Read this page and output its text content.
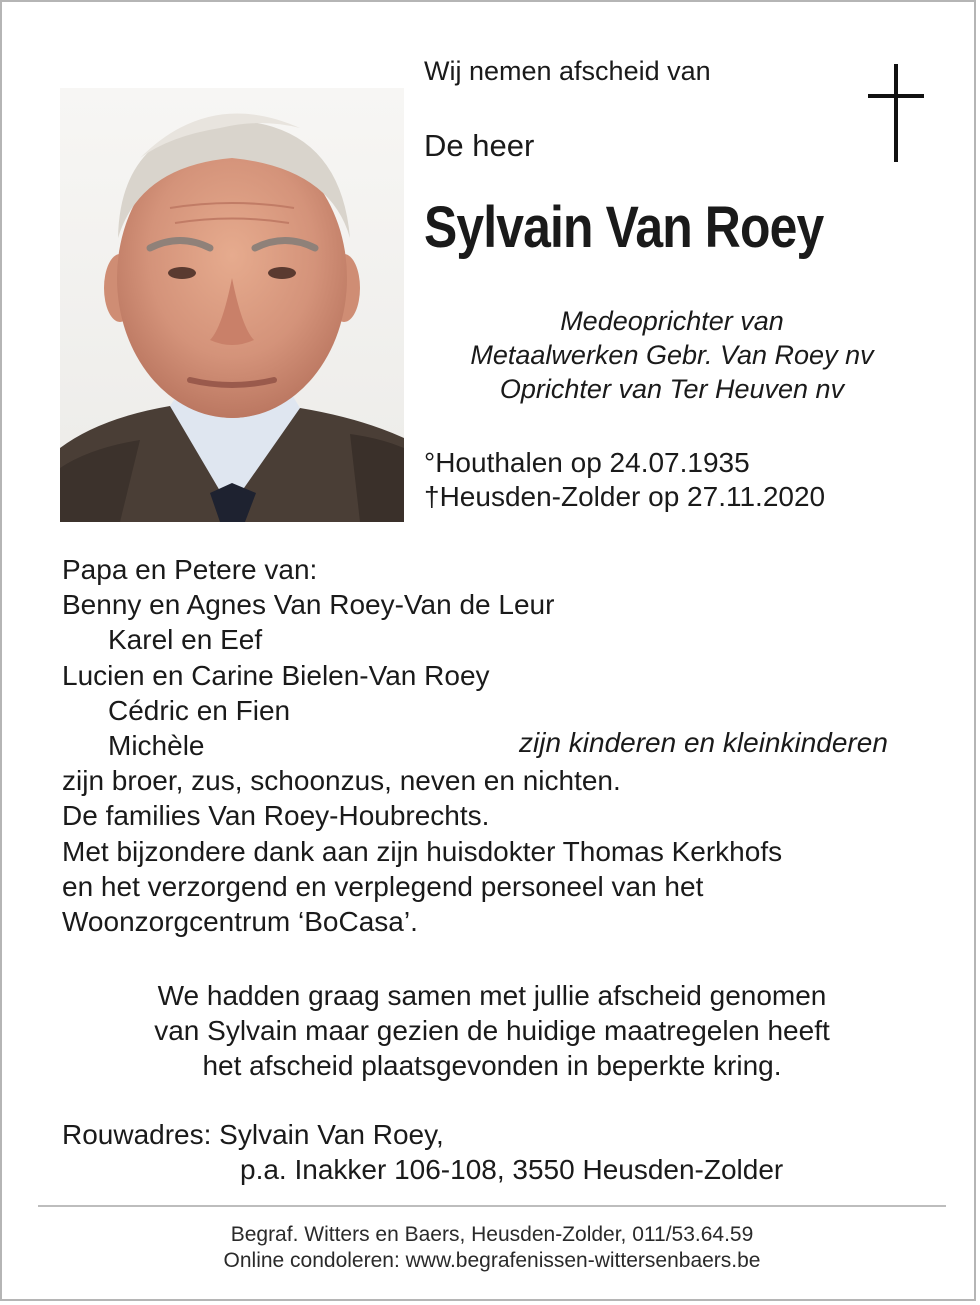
Wij nemen afscheid van
De heer
Sylvain Van Roey
Medeoprichter van
Metaalwerken Gebr. Van Roey nv
Oprichter van Ter Heuven nv
°Houthalen op 24.07.1935
†Heusden-Zolder op 27.11.2020
Papa en Petere van:
Benny en Agnes Van Roey-Van de Leur
Karel en Eef
Lucien en Carine Bielen-Van Roey
Cédric en Fien
Michèle
zijn broer, zus, schoonzus, neven en nichten.
De families Van Roey-Houbrechts.
Met bijzondere dank aan zijn huisdokter Thomas Kerkhofs
en het verzorgend en verplegend personeel van het
Woonzorgcentrum ‘BoCasa’.
zijn kinderen en kleinkinderen
We hadden graag samen met jullie afscheid genomen
van Sylvain maar gezien de huidige maatregelen heeft
het afscheid plaatsgevonden in beperkte kring.
Rouwadres: Sylvain Van Roey,
p.a. Inakker 106-108, 3550 Heusden-Zolder
Begraf. Witters en Baers, Heusden-Zolder, 011/53.64.59
Online condoleren: www.begrafenissen-wittersenbaers.be
